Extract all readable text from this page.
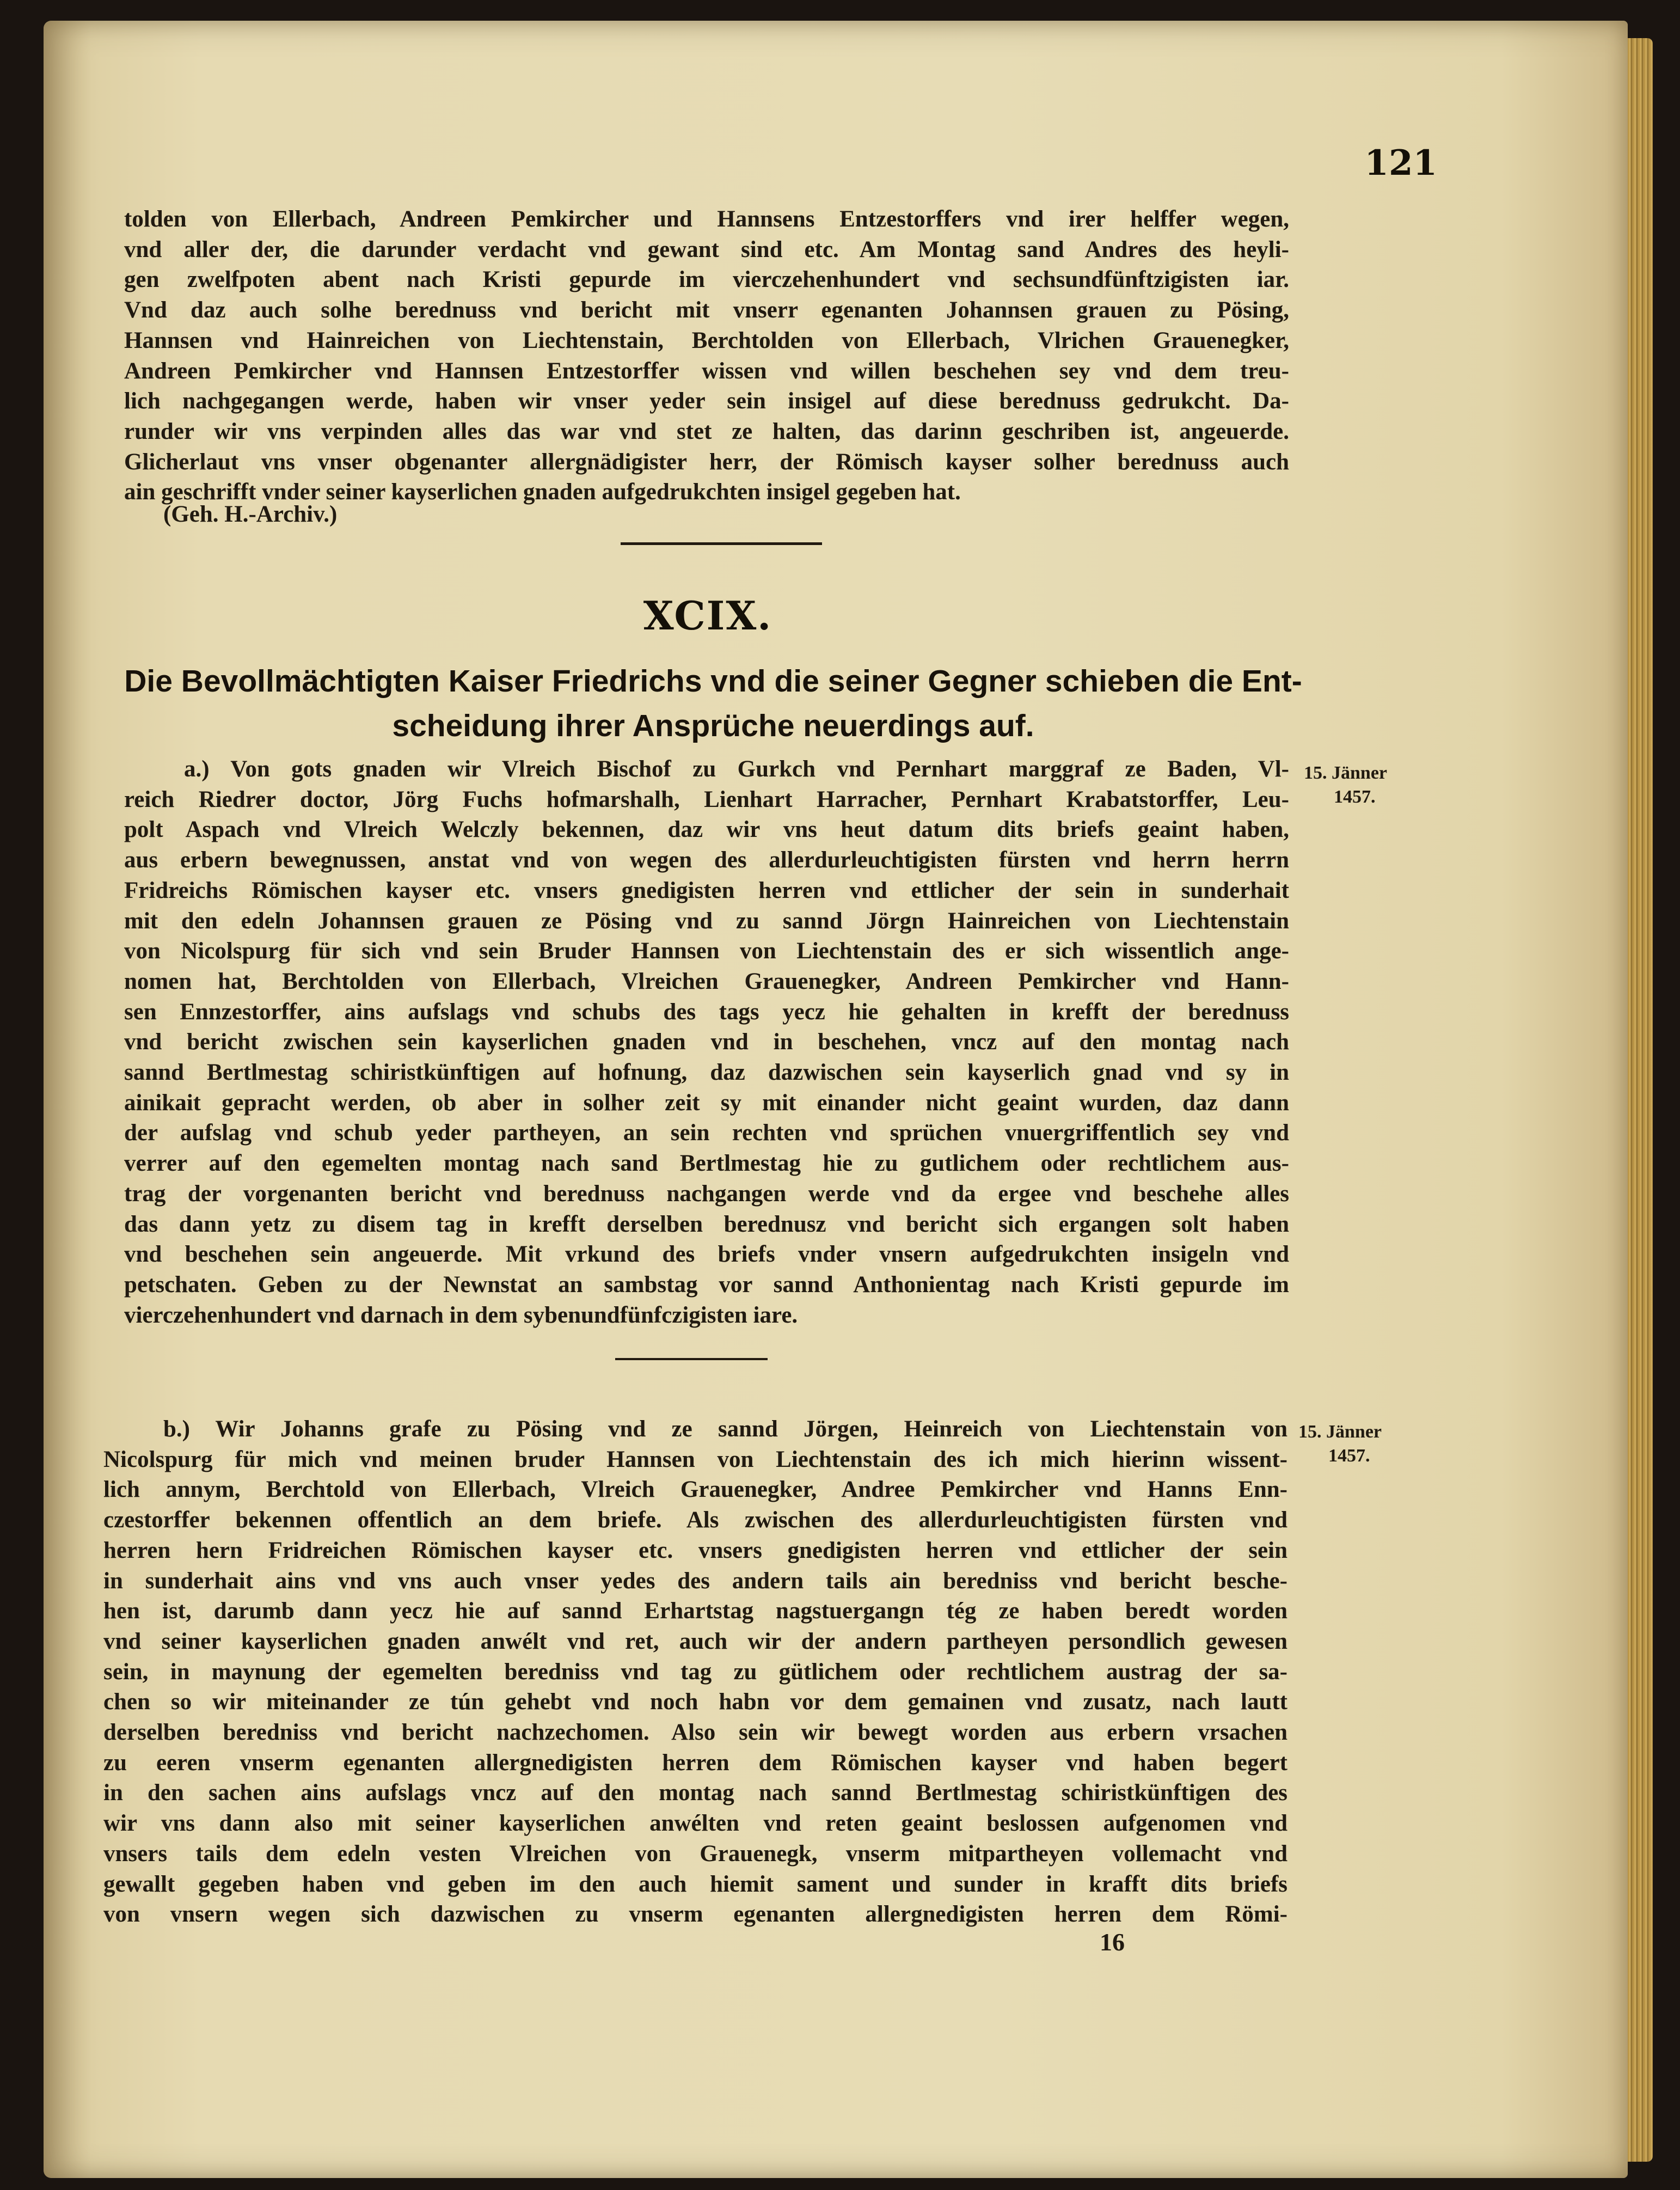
121
tolden von Ellerbach, Andreen Pemkircher und Hannsens Entzestorffers vnd irer helffer wegen,
vnd aller der, die darunder verdacht vnd gewant sind etc. Am Montag sand Andres des heyli-
gen zwelfpoten abent nach Kristi gepurde im vierczehenhundert vnd sechsundfünftzigisten iar.
Vnd daz auch solhe berednuss vnd bericht mit vnserr egenanten Johannsen grauen zu Pösing,
Hannsen vnd Hainreichen von Liechtenstain, Berchtolden von Ellerbach, Vlrichen Grauenegker,
Andreen Pemkircher vnd Hannsen Entzestorffer wissen vnd willen beschehen sey vnd dem treu-
lich nachgegangen werde, haben wir vnser yeder sein insigel auf diese berednuss gedrukcht. Da-
runder wir vns verpinden alles das war vnd stet ze halten, das darinn geschriben ist, angeuerde.
Glicherlaut vns vnser obgenanter allergnädigister herr, der Römisch kayser solher berednuss auch
ain geschrifft vnder seiner kayserlichen gnaden aufgedrukchten insigel gegeben hat.
(Geh. H.-Archiv.)
XCIX.
Die Bevollmächtigten Kaiser Friedrichs vnd die seiner Gegner schieben die Ent-
scheidung ihrer Ansprüche neuerdings auf.
15. Jänner
1457.
a.) Von gots gnaden wir Vlreich Bischof zu Gurkch vnd Pernhart marggraf ze Baden, Vl-
reich Riedrer doctor, Jörg Fuchs hofmarshalh, Lienhart Harracher, Pernhart Krabatstorffer, Leu-
polt Aspach vnd Vlreich Welczly bekennen, daz wir vns heut datum dits briefs geaint haben,
aus erbern bewegnussen, anstat vnd von wegen des allerdurleuchtigisten fürsten vnd herrn herrn
Fridreichs Römischen kayser etc. vnsers gnedigisten herren vnd ettlicher der sein in sunderhait
mit den edeln Johannsen grauen ze Pösing vnd zu sannd Jörgn Hainreichen von Liechtenstain
von Nicolspurg für sich vnd sein Bruder Hannsen von Liechtenstain des er sich wissentlich ange-
nomen hat, Berchtolden von Ellerbach, Vlreichen Grauenegker, Andreen Pemkircher vnd Hann-
sen Ennzestorffer, ains aufslags vnd schubs des tags yecz hie gehalten in krefft der berednuss
vnd bericht zwischen sein kayserlichen gnaden vnd in beschehen, vncz auf den montag nach
sannd Bertlmestag schiristkünftigen auf hofnung, daz dazwischen sein kayserlich gnad vnd sy in
ainikait gepracht werden, ob aber in solher zeit sy mit einander nicht geaint wurden, daz dann
der aufslag vnd schub yeder partheyen, an sein rechten vnd sprüchen vnuergriffentlich sey vnd
verrer auf den egemelten montag nach sand Bertlmestag hie zu gutlichem oder rechtlichem aus-
trag der vorgenanten bericht vnd berednuss nachgangen werde vnd da ergee vnd beschehe alles
das dann yetz zu disem tag in krefft derselben berednusz vnd bericht sich ergangen solt haben
vnd beschehen sein angeuerde. Mit vrkund des briefs vnder vnsern aufgedrukchten insigeln vnd
petschaten. Geben zu der Newnstat an sambstag vor sannd Anthonientag nach Kristi gepurde im
vierczehenhundert vnd darnach in dem sybenundfünfczigisten iare.
15. Jänner
1457.
b.) Wir Johanns grafe zu Pösing vnd ze sannd Jörgen, Heinreich von Liechtenstain von
Nicolspurg für mich vnd meinen bruder Hannsen von Liechtenstain des ich mich hierinn wissent-
lich annym, Berchtold von Ellerbach, Vlreich Grauenegker, Andree Pemkircher vnd Hanns Enn-
czestorffer bekennen offentlich an dem briefe. Als zwischen des allerdurleuchtigisten fürsten vnd
herren hern Fridreichen Römischen kayser etc. vnsers gnedigisten herren vnd ettlicher der sein
in sunderhait ains vnd vns auch vnser yedes des andern tails ain beredniss vnd bericht besche-
hen ist, darumb dann yecz hie auf sannd Erhartstag nagstuergangn tég ze haben beredt worden
vnd seiner kayserlichen gnaden anwélt vnd ret, auch wir der andern partheyen persondlich gewesen
sein, in maynung der egemelten beredniss vnd tag zu gütlichem oder rechtlichem austrag der sa-
chen so wir miteinander ze tún gehebt vnd noch habn vor dem gemainen vnd zusatz, nach lautt
derselben beredniss vnd bericht nachzechomen. Also sein wir bewegt worden aus erbern vrsachen
zu eeren vnserm egenanten allergnedigisten herren dem Römischen kayser vnd haben begert
in den sachen ains aufslags vncz auf den montag nach sannd Bertlmestag schiristkünftigen des
wir vns dann also mit seiner kayserlichen anwélten vnd reten geaint beslossen aufgenomen vnd
vnsers tails dem edeln vesten Vlreichen von Grauenegk, vnserm mitpartheyen vollemacht vnd
gewallt gegeben haben vnd geben im den auch hiemit sament und sunder in krafft dits briefs
von vnsern wegen sich dazwischen zu vnserm egenanten allergnedigisten herren dem Römi-
16
